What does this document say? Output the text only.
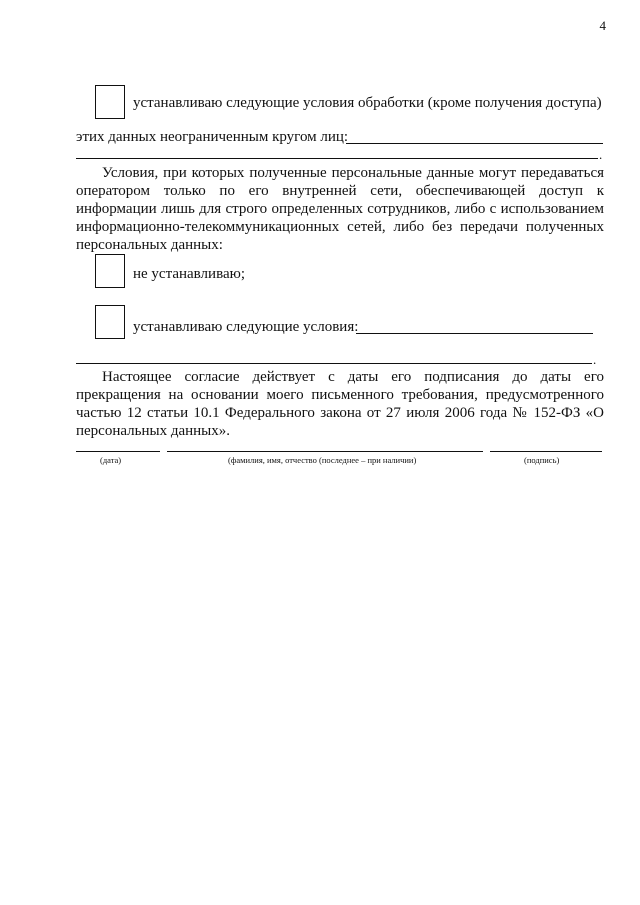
4
устанавливаю следующие условия обработки (кроме получения доступа)
этих данных неограниченным кругом лиц:
.
Условия, при которых полученные персональные данные могут передаваться оператором только по его внутренней сети, обеспечивающей доступ к информации лишь для строго определенных сотрудников, либо с использованием информационно-телекоммуникационных сетей, либо без передачи полученных персональных данных:
не устанавливаю;
устанавливаю следующие условия:
.
Настоящее согласие действует с даты его подписания до даты его прекращения на основании моего письменного требования, предусмотренного частью 12 статьи 10.1 Федерального закона от 27 июля 2006 года № 152-ФЗ «О персональных данных».
(дата)	(фамилия, имя, отчество (последнее – при наличии)	(подпись)
